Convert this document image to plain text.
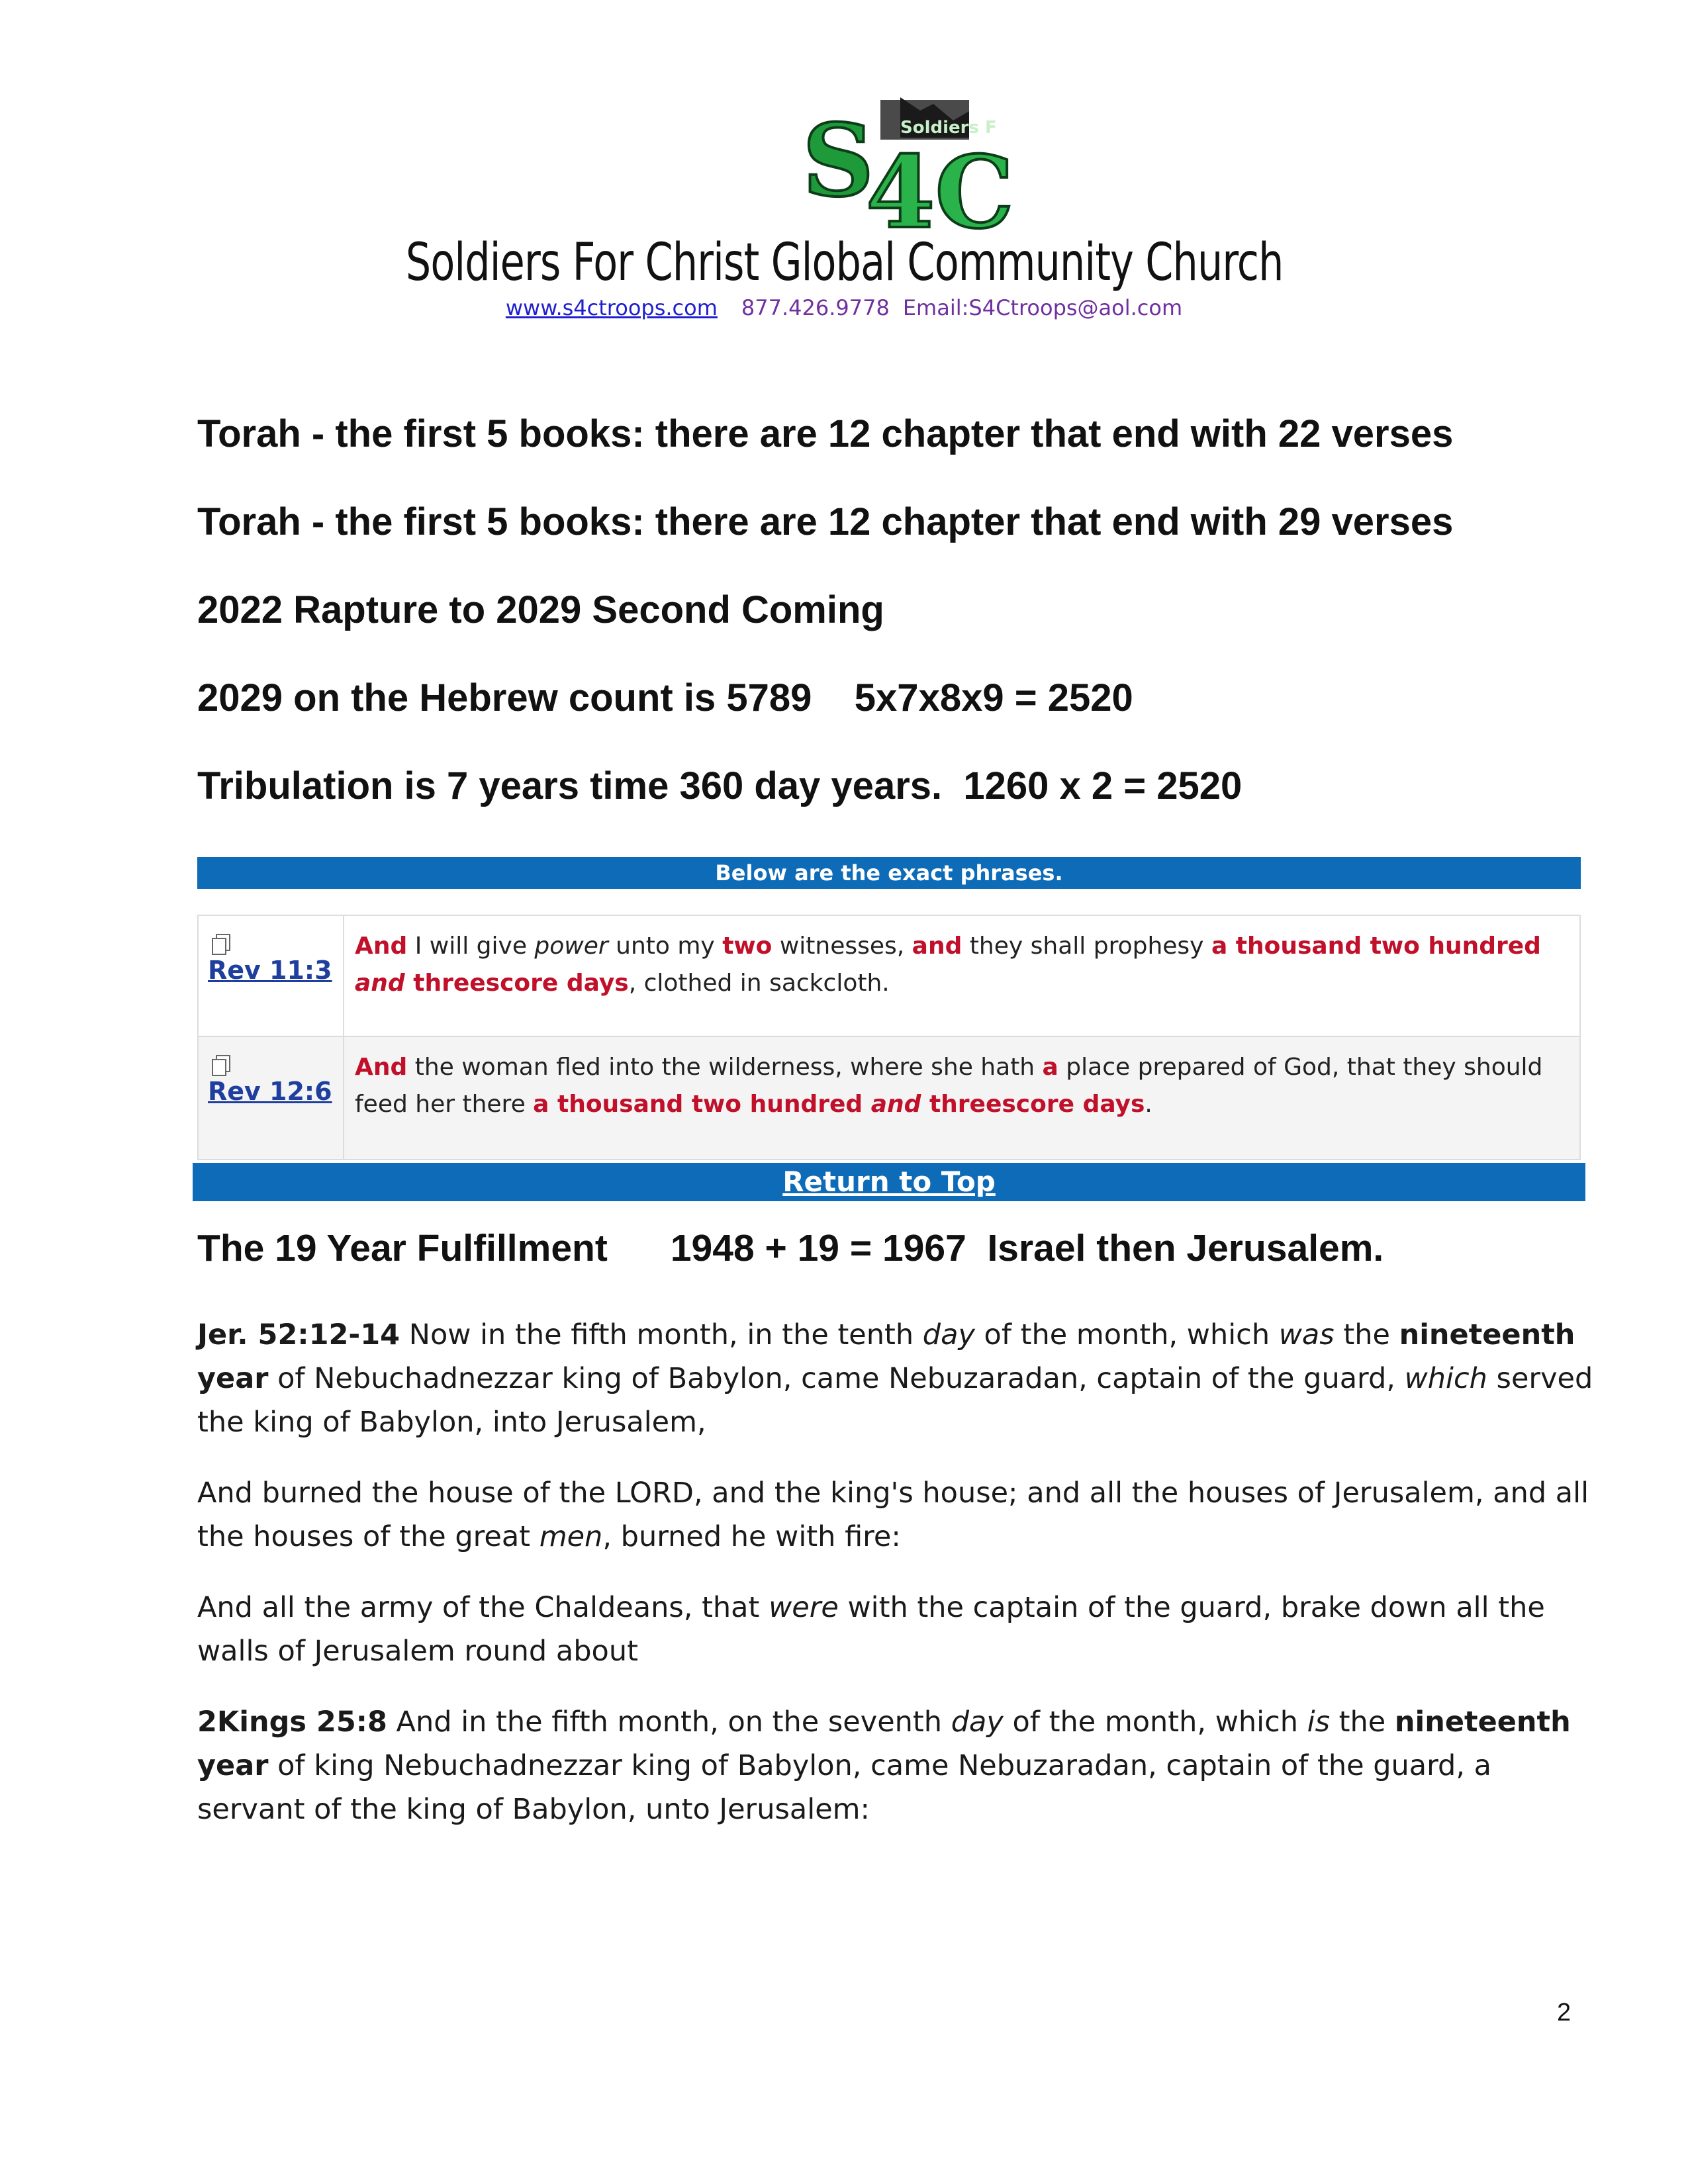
Soldiers F
S
4C
Soldiers For Christ Global Community Church
www.s4ctroops.com 877.426.9778 Email:S4Ctroops@aol.com
Torah - the first 5 books: there are 12 chapter that end with 22 verses
Torah - the first 5 books: there are 12 chapter that end with 29 verses
2022 Rapture to 2029 Second Coming
2029 on the Hebrew count is 5789    5x7x8x9 = 2520
Tribulation is 7 years time 360 day years.  1260 x 2 = 2520
Below are the exact phrases.
Rev 11:3	And I will give power unto my two witnesses, and they shall prophesy a thousand two hundred and threescore days, clothed in sackcloth.

Rev 12:6	And the woman fled into the wilderness, where she hath a place prepared of God, that they should feed her there a thousand two hundred and threescore days.
Return to Top
The 19 Year Fulfillment      1948 + 19 = 1967  Israel then Jerusalem.
Jer. 52:12-14 Now in the fifth month, in the tenth day of the month, which was the nineteenth year of Nebuchadnezzar king of Babylon, came Nebuzaradan, captain of the guard, which served the king of Babylon, into Jerusalem,
And burned the house of the LORD, and the king's house; and all the houses of Jerusalem, and all the houses of the great men, burned he with fire:
And all the army of the Chaldeans, that were with the captain of the guard, brake down all the walls of Jerusalem round about
2Kings 25:8 And in the fifth month, on the seventh day of the month, which is the nineteenth year of king Nebuchadnezzar king of Babylon, came Nebuzaradan, captain of the guard, a servant of the king of Babylon, unto Jerusalem:
2
